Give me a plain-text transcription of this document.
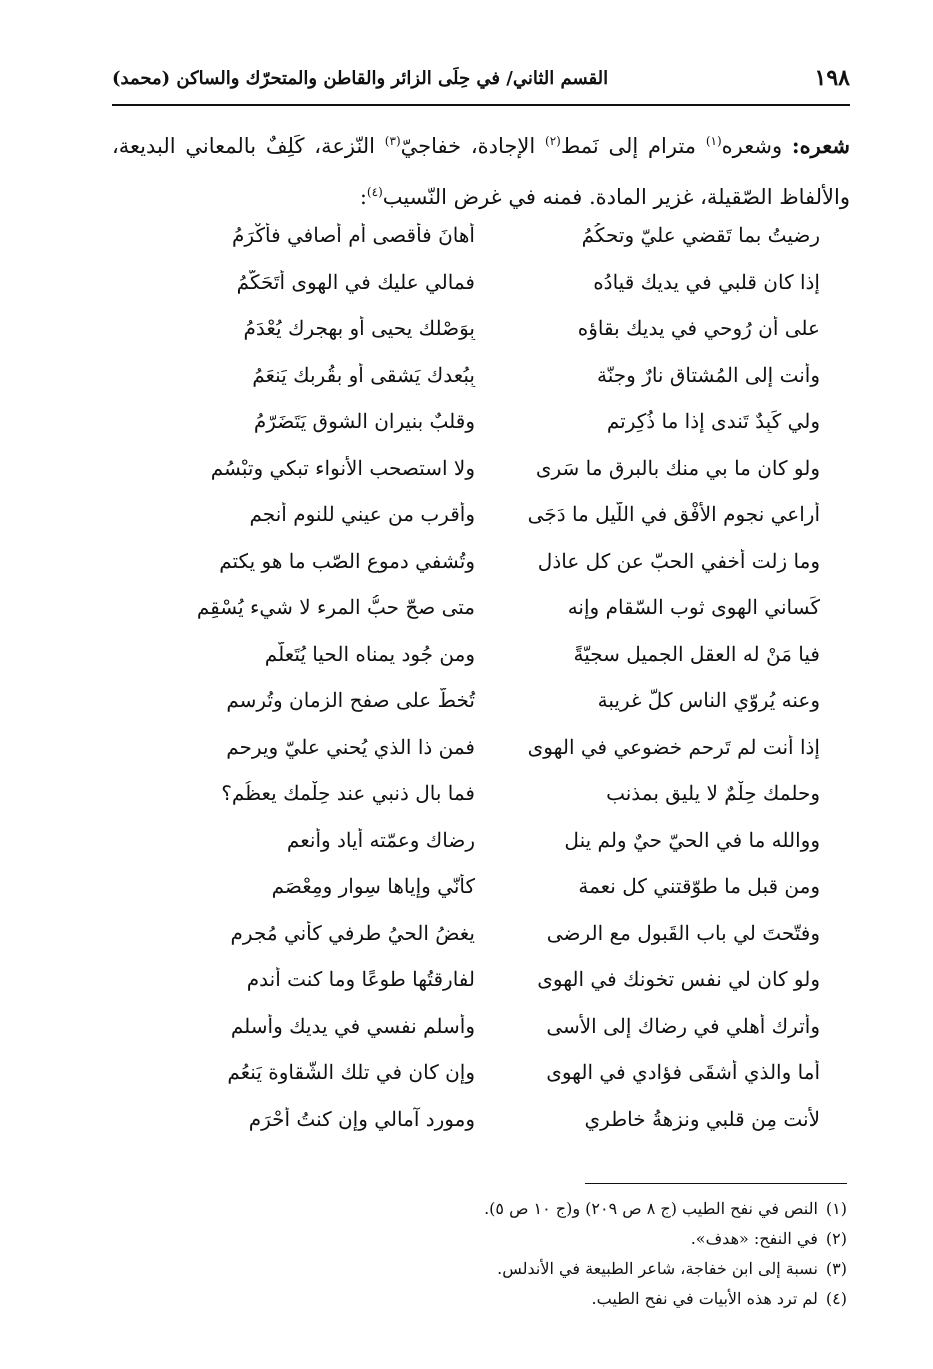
١٩٨
القسم الثاني/ في حِلَى الزائر والقاطن والمتحرّك والساكن (محمد)
شعره: وشعره$^{(١)}$ مترام إلى نَمط$^{(٢)}$ الإجادة، خفاجيّ$^{(٣)}$ النّزعة، كَلِفٌ بالمعاني البديعة، والألفاظ الصّقيلة، غزير المادة. فمنه في غرض النّسيب$^{(٤)}$:
رضيتُ بما تَقضي عليّ وتحكُمُ
أَهانَ فأقصى أم أصافي فأُكْرَمُ
إذا كان قلبي في يديك قيادُه
فمالي عليك في الهوى أتَحَكّمُ
على أن رُوحي في يديك بقاؤه
بِوَصْلك يحيى أو بهجرك يُعْدَمُ
وأنت إلى المُشتاق نارٌ وجنّة
بِبُعدك يَشقى أو بقُربك يَنعَمُ
ولي كَبِدٌ تَندى إذا ما ذُكِرتم
وقلبٌ بنيران الشوق يَتَضَرّمُ
ولو كان ما بي منك بالبرق ما سَرى
ولا استصحب الأنواء تبكي وتبْسُم
أراعي نجوم الأفْق في اللّيل ما دَجَى
وأقرب من عيني للنوم أنجم
وما زلت أخفي الحبّ عن كل عاذل
وتُشفي دموع الصّب ما هو يكتم
كَساني الهوى ثوب السّقام وإنه
متى صحّ حبُّ المرء لا شيء يُسْقِم
فيا مَنْ له العقل الجميل سجيّةً
ومن جُود يمناه الحيا يُتَعلّم
وعنه يُروّي الناس كلّ غريبة
تُخطُّ على صفح الزمان وتُرسم
إذا أنت لم تَرحم خضوعي في الهوى
فمن ذا الذي يُحني عليّ ويرحم
وحلمك حِلْمٌ لا يليق بمذنب
فما بال ذنبي عند حِلْمك يعظُم؟
ووالله ما في الحيّ حيٌ ولم ينل
رضاك وعمّته أياد وأنعم
ومن قبل ما طوّقتني كل نعمة
كأنّي وإياها سِوار ومِعْصَم
وفتّحتَ لي باب القَبول مع الرضى
يغضُ الحيُ طرفي كأني مُجرم
ولو كان لي نفس تخونك في الهوى
لفارقتُها طوعًا وما كنت أندم
وأترك أهلي في رضاك إلى الأسى
وأُسلم نفسي في يديك وأسلم
أما والذي أشقَى فؤادي في الهوى
وإن كان في تلك الشّقاوة يَنعُم
لأنت مِن قلبي ونزهةُ خاطري
ومورد آمالي وإن كنتُ أُحْرَم
(١)النص في نفح الطيب (ج ٨ ص ٢٠٩) و(ج ١٠ ص ٥).
(٢)في النفح: «هدف».
(٣)نسبة إلى ابن خفاجة، شاعر الطبيعة في الأندلس.
(٤)لم ترد هذه الأبيات في نفح الطيب.
